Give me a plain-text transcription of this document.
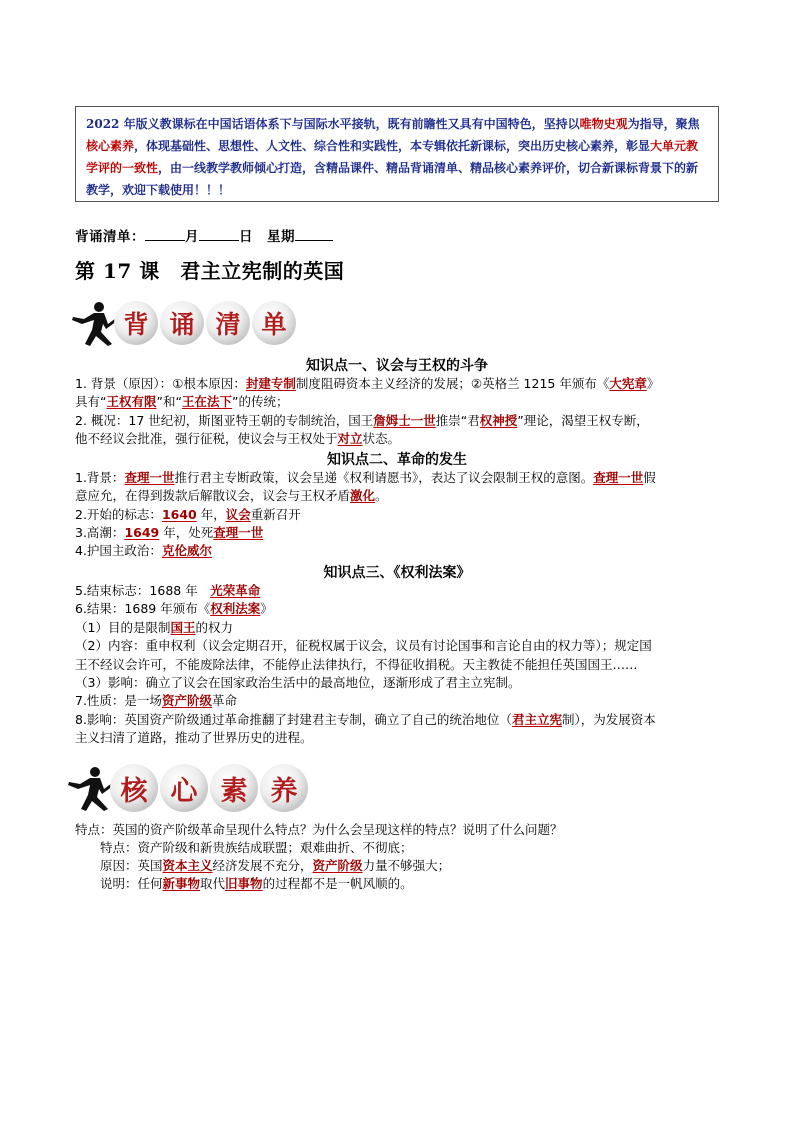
2022 年版义教课标在中国话语体系下与国际水平接轨，既有前瞻性又具有中国特色，坚持以唯物史观为指导，聚焦核心素养，体现基础性、思想性、人文性、综合性和实践性，本专辑依托新课标，突出历史核心素养，彰显大单元教学评的一致性，由一线教学教师倾心打造，含精品课件、精品背诵清单、精品核心素养评价，切合新课标背景下的新教学，欢迎下载使用！！！
背诵清单：	月	日　 星期
第 17 课　君主立宪制的英国
背 诵 清 单
知识点一、议会与王权的斗争
1. 背景（原因）：①根本原因：封建专制制度阻碍资本主义经济的发展；②英格兰 1215 年颁布《大宪章》
具有“王权有限”和“王在法下”的传统；
2. 概况：17 世纪初，斯图亚特王朝的专制统治，国王詹姆士一世推崇“君权神授”理论，渴望王权专断，
他不经议会批准，强行征税，使议会与王权处于对立状态。
知识点二、革命的发生
1.背景：查理一世推行君主专断政策，议会呈递《权利请愿书》，表达了议会限制王权的意图。查理一世假
意应允，在得到拨款后解散议会，议会与王权矛盾激化。
2.开始的标志：1640 年，议会重新召开
3.高潮：1649 年，处死查理一世
4.护国主政治：克伦威尔
知识点三、《权利法案》
5.结束标志：1688 年　光荣革命
6.结果：1689 年颁布《权利法案》
（1）目的是限制国王的权力
（2）内容：重申权利（议会定期召开，征税权属于议会，议员有讨论国事和言论自由的权力等）；规定国
王不经议会许可，不能废除法律，不能停止法律执行，不得征收捐税。天主教徒不能担任英国国王……
（3）影响：确立了议会在国家政治生活中的最高地位，逐渐形成了君主立宪制。
7.性质：是一场资产阶级革命
8.影响：英国资产阶级通过革命推翻了封建君主专制，确立了自己的统治地位（君主立宪制），为发展资本
主义扫清了道路，推动了世界历史的进程。
核 心 素 养
特点：英国的资产阶级革命呈现什么特点？为什么会呈现这样的特点？说明了什么问题？
特点：资产阶级和新贵族结成联盟；艰难曲折、不彻底；
原因：英国资本主义经济发展不充分，资产阶级力量不够强大；
说明：任何新事物取代旧事物的过程都不是一帆风顺的。
